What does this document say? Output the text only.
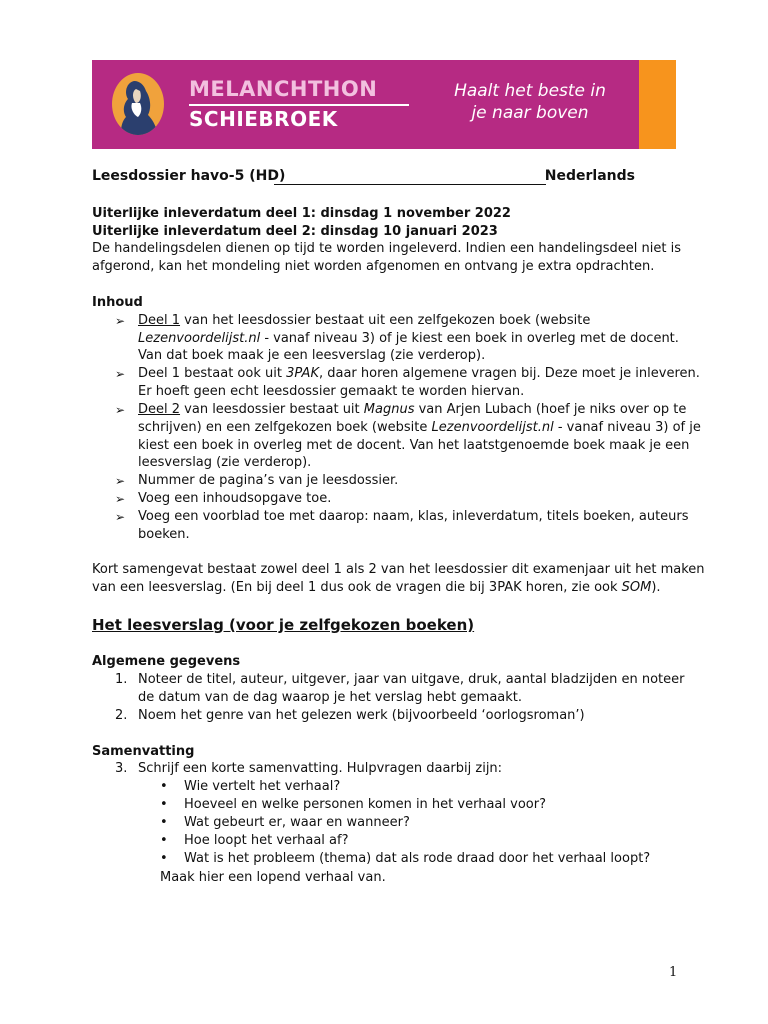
MELANCHTHON
SCHIEBROEK
Haalt het beste in
je naar boven
Leesdossier havo-5 (HD)	Nederlands
Uiterlijke inleverdatum deel 1: dinsdag 1 november 2022
Uiterlijke inleverdatum deel 2: dinsdag 10 januari 2023
De handelingsdelen dienen op tijd te worden ingeleverd. Indien een handelingsdeel niet is
afgerond, kan het mondeling niet worden afgenomen en ontvang je extra opdrachten.
Inhoud
➢ Deel 1 van het leesdossier bestaat uit een zelfgekozen boek (website
Lezenvoordelijst.nl - vanaf niveau 3) of je kiest een boek in overleg met de docent.
Van dat boek maak je een leesverslag (zie verderop).
➢ Deel 1 bestaat ook uit 3PAK, daar horen algemene vragen bij. Deze moet je inleveren.
Er hoeft geen echt leesdossier gemaakt te worden hiervan.
➢ Deel 2 van leesdossier bestaat uit Magnus van Arjen Lubach (hoef je niks over op te
schrijven) en een zelfgekozen boek (website Lezenvoordelijst.nl - vanaf niveau 3) of je
kiest een boek in overleg met de docent. Van het laatstgenoemde boek maak je een
leesverslag (zie verderop).
➢ Nummer de pagina’s van je leesdossier.
➢ Voeg een inhoudsopgave toe.
➢ Voeg een voorblad toe met daarop: naam, klas, inleverdatum, titels boeken, auteurs
boeken.
Kort samengevat bestaat zowel deel 1 als 2 van het leesdossier dit examenjaar uit het maken
van een leesverslag. (En bij deel 1 dus ook de vragen die bij 3PAK horen, zie ook SOM).
Het leesverslag (voor je zelfgekozen boeken)
Algemene gegevens
1. Noteer de titel, auteur, uitgever, jaar van uitgave, druk, aantal bladzijden en noteer
de datum van de dag waarop je het verslag hebt gemaakt.
2. Noem het genre van het gelezen werk (bijvoorbeeld ‘oorlogsroman’)
Samenvatting
3. Schrijf een korte samenvatting. Hulpvragen daarbij zijn:
• Wie vertelt het verhaal?
• Hoeveel en welke personen komen in het verhaal voor?
• Wat gebeurt er, waar en wanneer?
• Hoe loopt het verhaal af?
• Wat is het probleem (thema) dat als rode draad door het verhaal loopt?
Maak hier een lopend verhaal van.
1
